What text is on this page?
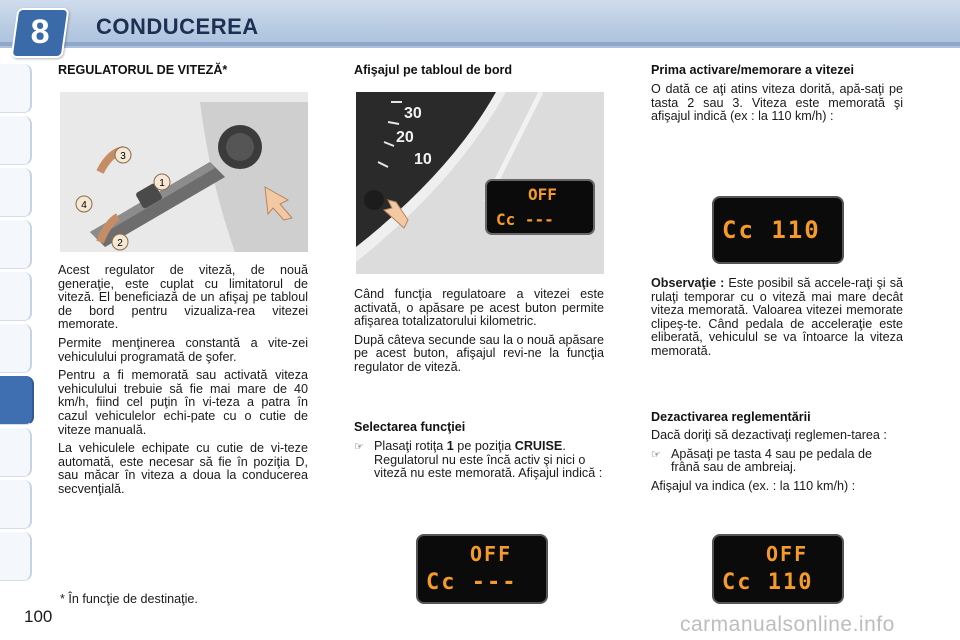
8	CONDUCEREA
REGULATORUL DE VITEZĂ*
3
1
4
2

Acest regulator de viteză, de nouă generaţie, este cuplat cu limitatorul de viteză. El beneficiază de un afişaj pe tabloul de bord pentru vizualiza-rea vitezei memorate.

Permite menţinerea constantă a vite-zei vehiculului programată de şofer.

Pentru a fi memorată sau activată viteza vehiculului trebuie să fie mai mare de 40 km/h, fiind cel puţin în vi-teza a patra în cazul vehiculelor echi-pate cu o cutie de viteze manuală.

La vehiculele echipate cu cutie de vi-teze automată, este necesar să fie în poziţia D, sau măcar în viteza a doua la conducerea secvenţială.

* În funcţie de destinaţie.
Afişajul pe tabloul de bord
30
20
10
OFF
Cc ---

Când funcţia regulatoare a vitezei este activată, o apăsare pe acest buton permite afişarea totalizatorului kilometric.

După câteva secunde sau la o nouă apăsare pe acest buton, afişajul revi-ne la funcţia regulator de viteză.

Selectarea funcţiei
☞ Plasaţi rotiţa 1 pe poziţia CRUISE. Regulatorul nu este încă activ şi nici o viteză nu este memorată. Afişajul indică :
OFF
Cc ---
Prima activare/memorare a vitezei

O dată ce aţi atins viteza dorită, apă-saţi pe tasta 2 sau 3. Viteza este memorată şi afişajul indică (ex : la 110 km/h) :

Cc 110

Observaţie : Este posibil să accele-raţi şi să rulaţi temporar cu o viteză mai mare decât viteza memorată. Valoarea vitezei memorate clipeş-te. Când pedala de acceleraţie este eliberată, vehiculul se va întoarce la viteza memorată.

Dezactivarea reglementării

Dacă doriţi să dezactivaţi reglemen-tarea :

☞ Apăsaţi pe tasta 4 sau pe pedala de frână sau de ambreiaj.

Afişajul va indica (ex. : la 110 km/h) :

OFF
Cc 110
100	carmanualsonline.info
